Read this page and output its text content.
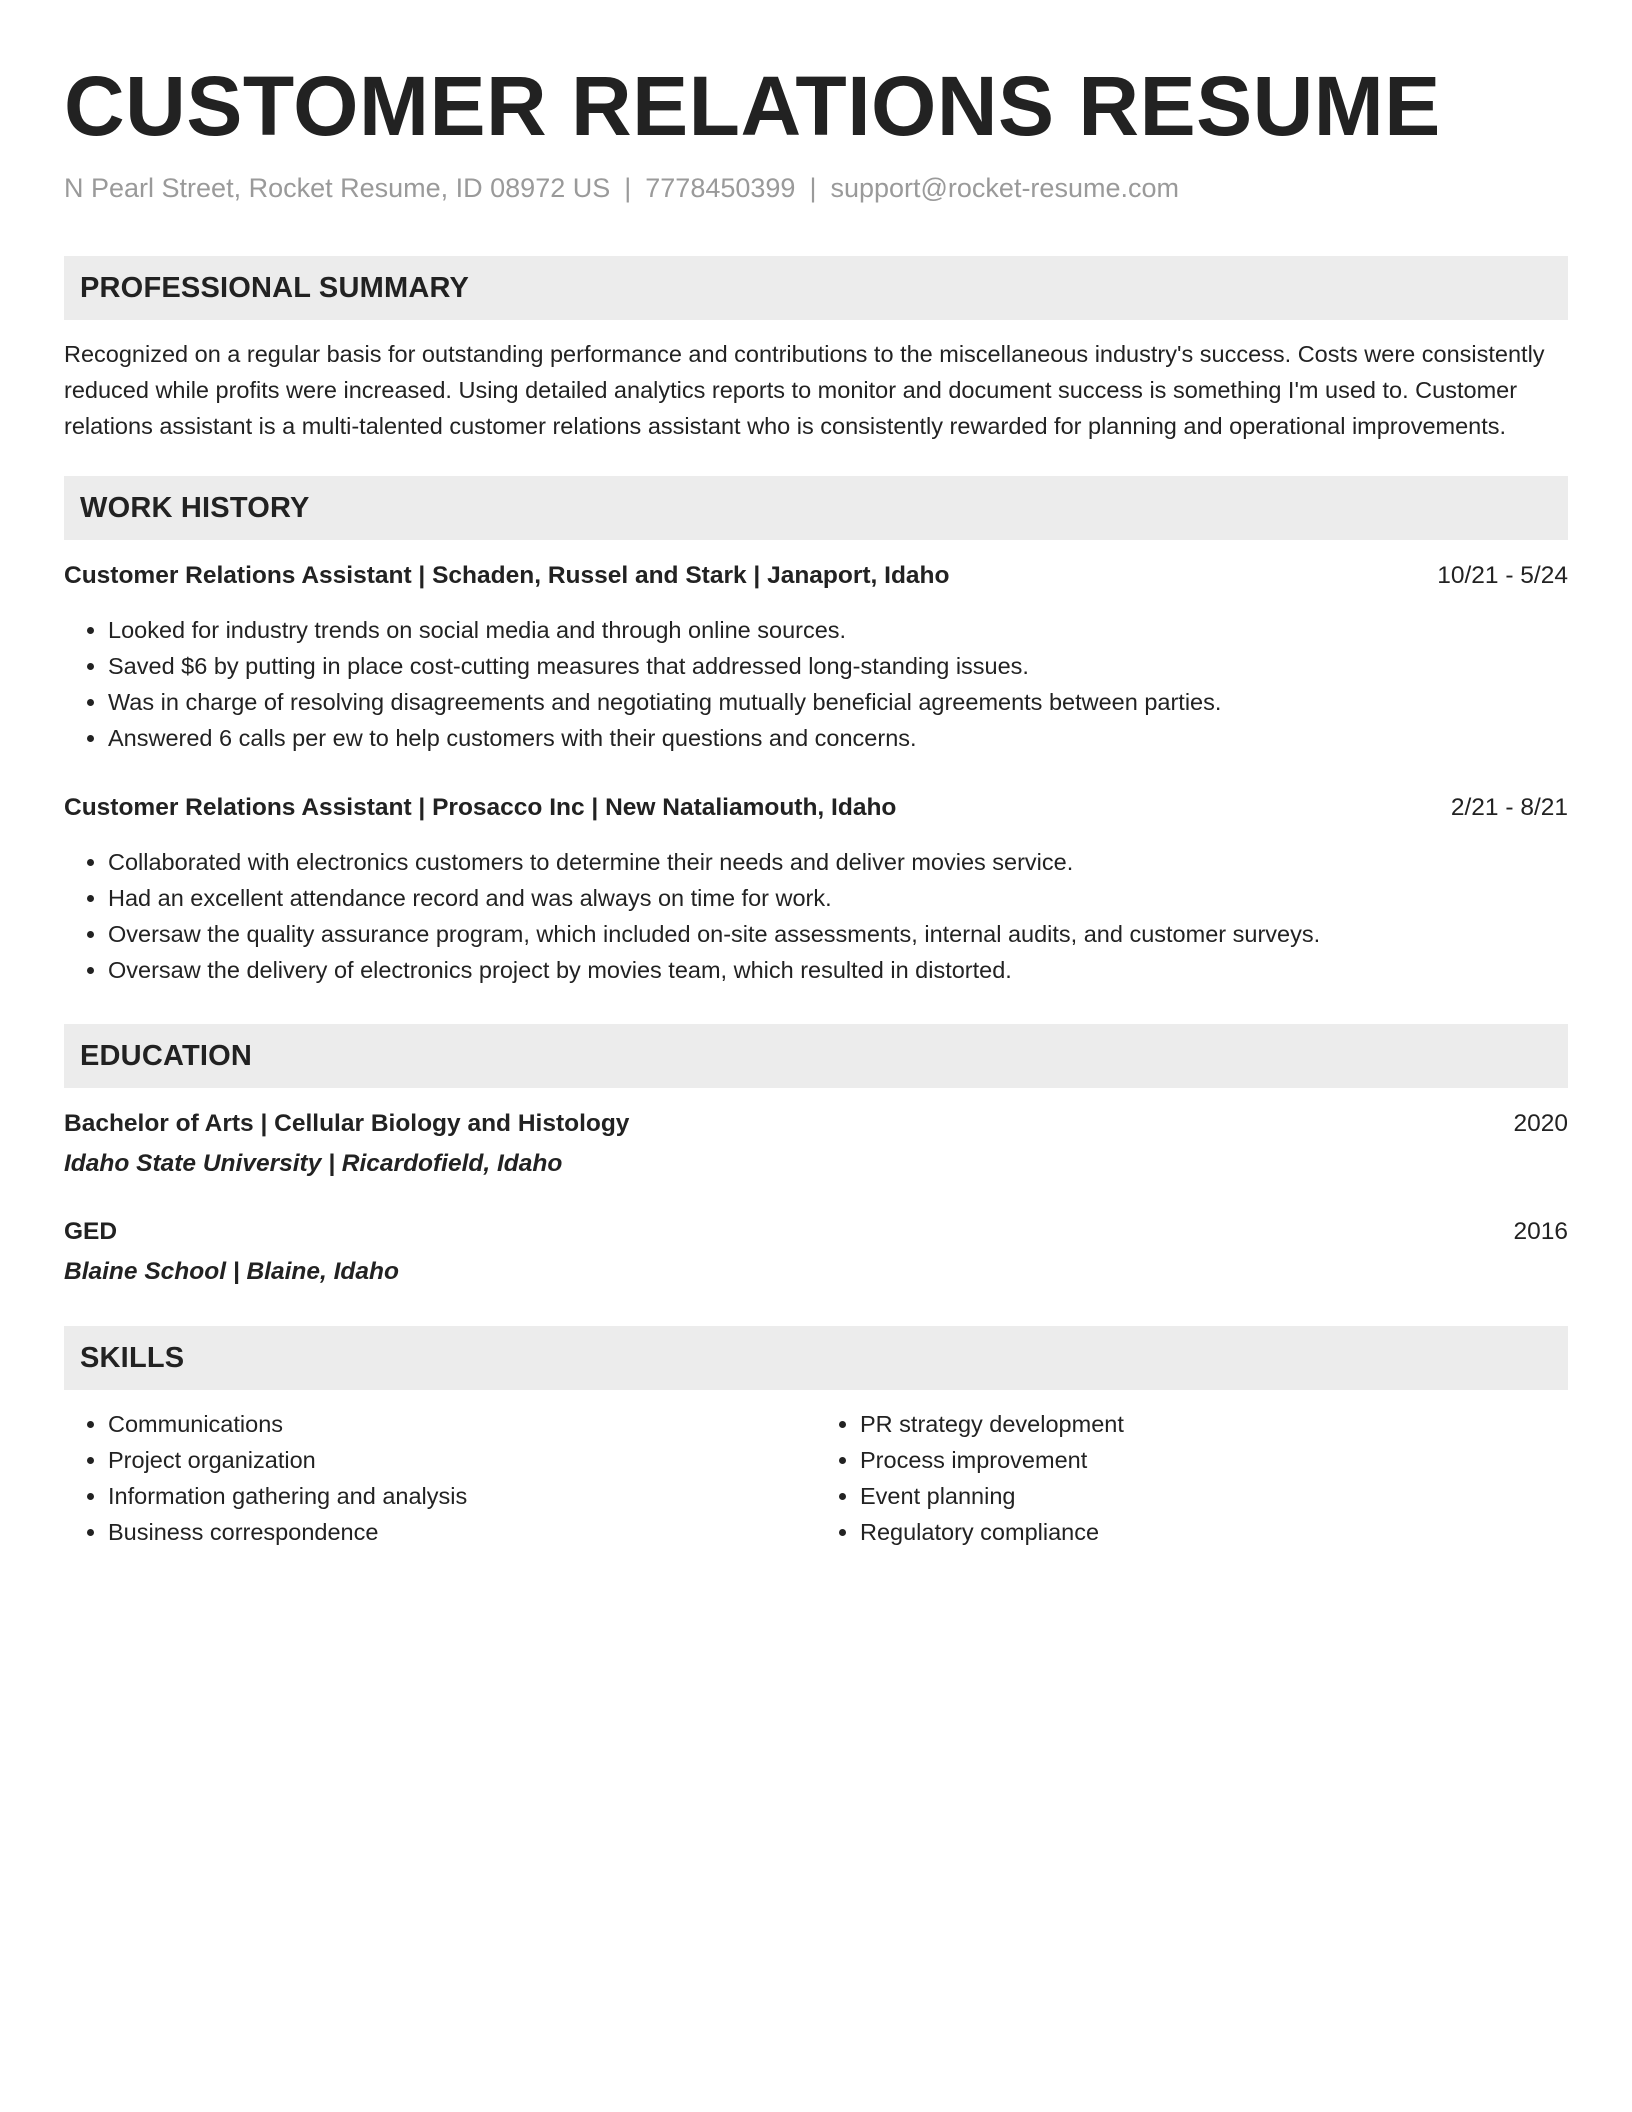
CUSTOMER RELATIONS RESUME
N Pearl Street, Rocket Resume, ID 08972 US | 7778450399 | support@rocket-resume.com
PROFESSIONAL SUMMARY

Recognized on a regular basis for outstanding performance and contributions to the miscellaneous industry's success. Costs were consistently reduced while profits were increased. Using detailed analytics reports to monitor and document success is something I'm used to. Customer relations assistant is a multi-talented customer relations assistant who is consistently rewarded for planning and operational improvements.

WORK HISTORY
Customer Relations Assistant | Schaden, Russel and Stark | Janaport, Idaho	10/21 - 5/24
• Looked for industry trends on social media and through online sources.
• Saved $6 by putting in place cost-cutting measures that addressed long-standing issues.
• Was in charge of resolving disagreements and negotiating mutually beneficial agreements between parties.
• Answered 6 calls per ew to help customers with their questions and concerns.
Customer Relations Assistant | Prosacco Inc | New Nataliamouth, Idaho	2/21 - 8/21
• Collaborated with electronics customers to determine their needs and deliver movies service.
• Had an excellent attendance record and was always on time for work.
• Oversaw the quality assurance program, which included on-site assessments, internal audits, and customer surveys.
• Oversaw the delivery of electronics project by movies team, which resulted in distorted.
EDUCATION
Bachelor of Arts | Cellular Biology and Histology	2020
Idaho State University | Ricardofield, Idaho
GED	2016
Blaine School | Blaine, Idaho
SKILLS
• Communications
• Project organization
• Information gathering and analysis
• Business correspondence
• PR strategy development
• Process improvement
• Event planning
• Regulatory compliance
